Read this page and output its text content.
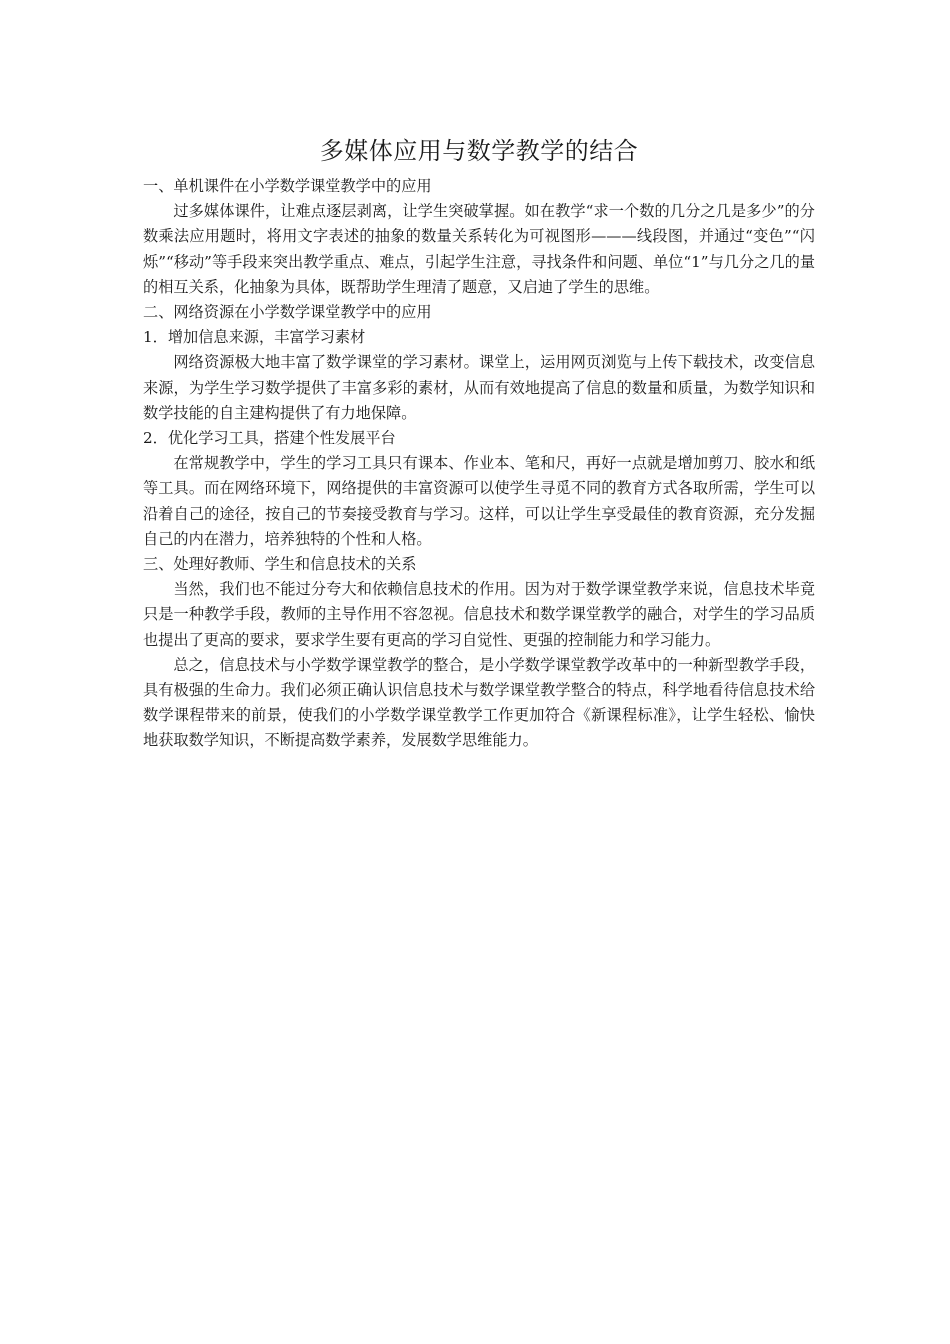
多媒体应用与数学教学的结合

一、单机课件在小学数学课堂教学中的应用

过多媒体课件，让难点逐层剥离，让学生突破掌握。如在教学“求一个数的几分之几是多少”的分数乘法应用题时，将用文字表述的抽象的数量关系转化为可视图形———线段图，并通过“变色”“闪烁”“移动”等手段来突出教学重点、难点，引起学生注意，寻找条件和问题、单位“1”与几分之几的量的相互关系，化抽象为具体，既帮助学生理清了题意，又启迪了学生的思维。

二、网络资源在小学数学课堂教学中的应用

1．增加信息来源，丰富学习素材

网络资源极大地丰富了数学课堂的学习素材。课堂上，运用网页浏览与上传下载技术，改变信息来源，为学生学习数学提供了丰富多彩的素材，从而有效地提高了信息的数量和质量，为数学知识和数学技能的自主建构提供了有力地保障。

2．优化学习工具，搭建个性发展平台

在常规教学中，学生的学习工具只有课本、作业本、笔和尺，再好一点就是增加剪刀、胶水和纸等工具。而在网络环境下，网络提供的丰富资源可以使学生寻觅不同的教育方式各取所需，学生可以沿着自己的途径，按自己的节奏接受教育与学习。这样，可以让学生享受最佳的教育资源，充分发掘自己的内在潜力，培养独特的个性和人格。

三、处理好教师、学生和信息技术的关系

当然，我们也不能过分夸大和依赖信息技术的作用。因为对于数学课堂教学来说，信息技术毕竟只是一种教学手段，教师的主导作用不容忽视。信息技术和数学课堂教学的融合，对学生的学习品质也提出了更高的要求，要求学生要有更高的学习自觉性、更强的控制能力和学习能力。

总之，信息技术与小学数学课堂教学的整合，是小学数学课堂教学改革中的一种新型教学手段，具有极强的生命力。我们必须正确认识信息技术与数学课堂教学整合的特点，科学地看待信息技术给数学课程带来的前景，使我们的小学数学课堂教学工作更加符合《新课程标准》，让学生轻松、愉快地获取数学知识，不断提高数学素养，发展数学思维能力。
